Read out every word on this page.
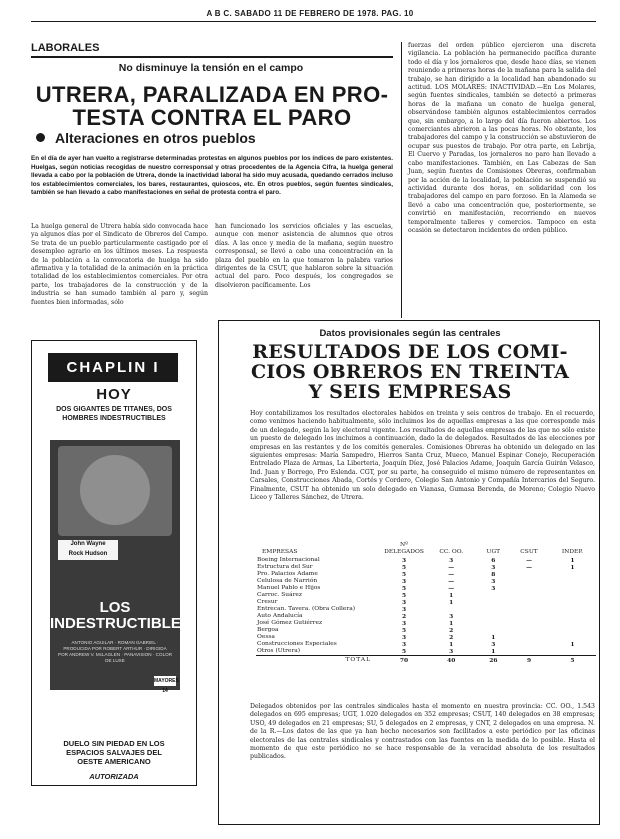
A B C. SABADO 11 DE FEBRERO DE 1978. PAG. 10
LABORALES
No disminuye la tensión en el campo
UTRERA, PARALIZADA EN PRO-
TESTA CONTRA EL PARO
Alteraciones en otros pueblos
En el día de ayer han vuelto a registrarse determinadas protestas en algunos pueblos por los índices de paro existentes. Huelgas, según noticias recogidas de nuestro corresponsal y otras procedentes de la Agencia Cifra, la huelga general llevada a cabo por la población de Utrera, donde la inactividad laboral ha sido muy acusada, quedando cerrados incluso los establecimientos comerciales, los bares, restaurantes, quioscos, etc. En otros pueblos, según fuentes sindicales, también se han llevado a cabo manifestaciones en señal de protesta contra el paro.
La huelga general de Utrera había sido convocada hace ya algunos días por el Sindicato de Obreros del Campo. Se trata de un pueblo particularmente castigado por el desempleo agrario en los últimos meses. La respuesta de la población a la convocatoria de huelga ha sido afirmativa y la totalidad de la animación en la práctica totalidad de los establecimientos comerciales. Por otra parte, los trabajadores de la construcción y de la industria se han sumado también al paro y, según fuentes bien informadas, sólo
han funcionado los servicios oficiales y las escuelas, aunque con menor asistencia de alumnos que otros días. A las once y media de la mañana, según nuestro corresponsal, se llevó a cabo una concentración en la plaza del pueblo en la que tomaron la palabra varios dirigentes de la CSUT, que hablaron sobre la situación actual del paro. Poco después, los congregados se disolvieron pacíficamente. Los
fuerzas del orden público ejercieron una discreta vigilancia. La población ha permanecido pacífica durante todo el día y los jornaleros que, desde hace días, se vienen reuniendo a primeras horas de la mañana para la salida del trabajo, se han dirigido a la localidad han abandonado su actitud. LOS MOLARES: INACTIVIDAD.—En Los Molares, según fuentes sindicales, también se detectó a primeras horas de la mañana un conato de huelga general, observándose también algunos establecimientos cerrados que, sin embargo, a lo largo del día fueron abiertos. Los comerciantes abrieron a las pocas horas. No obstante, los trabajadores del campo y la construcción se abstuvieron de ocupar sus puestos de trabajo. Por otra parte, en Lebrija, El Cuervo y Paradas, los jornaleros no paro han llevado a cabo manifestaciones. También, en Las Cabezas de San Juan, según fuentes de Comisiones Obreras, confirmaban por la acción de la localidad, la población se suspendió su actividad durante dos horas, en solidaridad con los trabajadores del campo en paro forzoso. En la Alameda se llevó a cabo una concentración que, posteriormente, se convirtió en manifestación, recorriendo en nuevos temporalmente talleres y comercios. Tampoco en esta ocasión se detectaron incidentes de orden público.
CHAPLIN I
HOY
DOS GIGANTES DE TITANES, DOS HOMBRES INDESTRUCTIBLES
John Wayne
Rock Hudson
LOS INDESTRUCTIBLES
ANTONIO AGUILAR · ROMAN GABRIEL · PRODUCIDA POR ROBERT ARTHUR · DIRIGIDA POR ANDREW V. McLAGLEN · PANAVISION · COLOR DE LUXE
MAYORES 14
DUELO SIN PIEDAD EN LOS
ESPACIOS SALVAJES DEL
OESTE AMERICANO
AUTORIZADA
Datos provisionales según las centrales
RESULTADOS DE LOS COMI-
CIOS OBREROS EN TREINTA
Y SEIS EMPRESAS
Hoy contabilizamos los resultados electorales habidos en treinta y seis centros de trabajo. En el recuerdo, como venimos haciendo habitualmente, sólo incluimos los de aquellas empresas a las que corresponde más de un delegado, según la ley electoral vigente. Los resultados de aquellas empresas de las que no sólo existe un puesto de delegado los incluimos a continuación, dado la de delegados. Resultados de las elecciones por empresas en las restantes y de los comités generales. Comisiones Obreras ha obtenido un delegado en las siguientes empresas: María Sampedro, Hierros Santa Cruz, Mueco, Manuel Espinar Conejo, Recuperación Entrelado Plaza de Armas, La Liberteria, Joaquín Díez, José Palacios Adame, Joaquín García Guirán Velasco, Ind. Juan y Borrego, Pro Eslenda. CGT, por su parte, ha conseguido el mismo número de representantes en Carsales, Construcciones Abada, Cortés y Cordero, Colegio San Antonio y Compañía Intercarios del Seguro. Finalmente, CSUT ha obtenido un solo delegado en Vianasa, Gumasa Berenda, de Moreno; Colegio Nuevo Liceo y Talleres Sánchez, de Utrera.
EMPRESAS	Nº DELEGADOS	CC. OO.	UGT	CSUT	INDEP.
Boeing Internacional	3	3	6	—	1
Estructura del Sur	5	—	3	—	1
Pro. Palacios Adame	5	—	8		
Celulosa de Narrión	3	—	3		
Manuel Pablo e Hijos	5	—	3		
Carroc. Suárez	5	1			
Cresur	3	1			
Entrecan. Tavera. (Obra Collera)	3				
Auto Andalucía	2	3			
José Gómez Gutiérrez	3	1			
Bergoa	5	2			
Oessa	3	2	1		
Construcciones Especiales	3	1	3		1
Otros (Utrera)	5	3	1		
TOTAL	70	40	26	9	5
Delegados obtenidos por las centrales sindicales hasta el momento en nuestra provincia: CC. OO., 1.543 delegados en 695 empresas; UGT, 1.020 delegados en 352 empresas; CSUT, 140 delegados en 38 empresas; USO, 49 delegados en 21 empresas; SU, 5 delegados en 2 empresas, y CNT, 2 delegados en una empresa. N. de la R.—Los datos de las que ya han hecho necesarios son facilitados a este periódico por las oficinas electorales de las centrales sindicales y contrastados con las fuentes en la medida de lo posible. Hasta el momento de que este periódico no se hace responsable de la veracidad absoluta de los resultados publicados.
